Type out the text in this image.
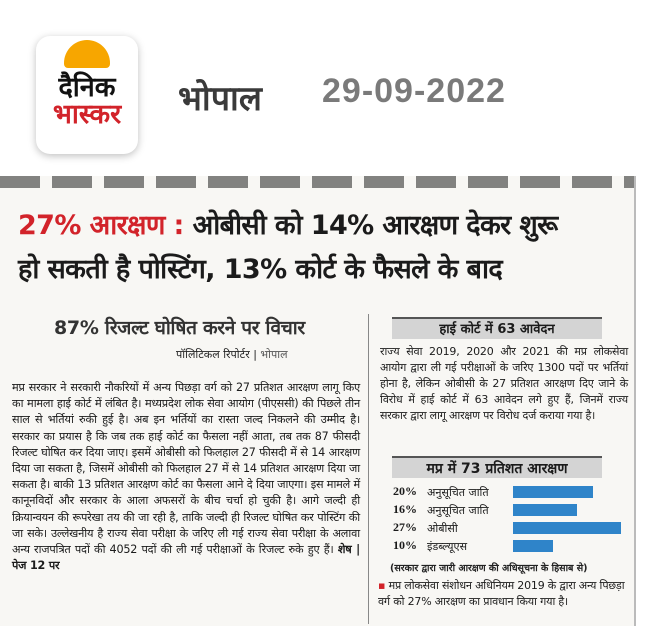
दैनिक
भास्कर भोपाल 29-09-2022
27% आरक्षण : ओबीसी को 14% आरक्षण देकर शुरू
हो सकती है पोस्टिंग, 13% कोर्ट के फैसले के बाद
87% रिजल्ट घोषित करने पर विचार
पॉलिटिकल रिपोर्टर | भोपाल
मप्र सरकार ने सरकारी नौकरियों में अन्य पिछड़ा वर्ग को 27 प्रतिशत आरक्षण लागू किए का मामला हाई कोर्ट में लंबित है। मध्यप्रदेश लोक सेवा आयोग (पीएससी) की पिछले तीन साल से भर्तियां रुकी हुई है। अब इन भर्तियों का रास्ता जल्द निकलने की उम्मीद है। सरकार का प्रयास है कि जब तक हाई कोर्ट का फैसला नहीं आता, तब तक 87 फीसदी रिजल्ट घोषित कर दिया जाए। इसमें ओबीसी को फिलहाल 27 फीसदी में से 14 आरक्षण दिया जा सकता है, जिसमें ओबीसी को फिलहाल 27 में से 14 प्रतिशत आरक्षण दिया जा सकता है। बाकी 13 प्रतिशत आरक्षण कोर्ट का फैसला आने दे दिया जाएगा। इस मामले में कानूनविदों और सरकार के आला अफसरों के बीच चर्चा हो चुकी है। आगे जल्दी ही क्रियान्वयन की रूपरेखा तय की जा रही है, ताकि जल्दी ही रिजल्ट घोषित कर पोस्टिंग की जा सके। उल्लेखनीय है राज्य सेवा परीक्षा के जरिए ली गई राज्य सेवा परीक्षा के अलावा अन्य राजपत्रित पदों की 4052 पदों की ली गई परीक्षाओं के रिजल्ट रुके हुए हैं। शेष | पेज 12 पर
हाई कोर्ट में 63 आवेदन
राज्य सेवा 2019, 2020 और 2021 की मप्र लोकसेवा आयोग द्वारा ली गई परीक्षाओं के जरिए 1300 पदों पर भर्तियां होना है, लेकिन ओबीसी के 27 प्रतिशत आरक्षण दिए जाने के विरोध में हाई कोर्ट में 63 आवेदन लगे हुए हैं, जिनमें राज्य सरकार द्वारा लागू आरक्षण पर विरोध दर्ज कराया गया है।
मप्र में 73 प्रतिशत आरक्षण
20% अनुसूचित जाति
16% अनुसूचित जाति
27% ओबीसी
10% इंडब्ल्यूएस
(सरकार द्वारा जारी आरक्षण की अधिसूचना के हिसाब से)
▪ मप्र लोकसेवा संशोधन अधिनियम 2019 के द्वारा अन्य पिछड़ा वर्ग को 27% आरक्षण का प्रावधान किया गया है।
